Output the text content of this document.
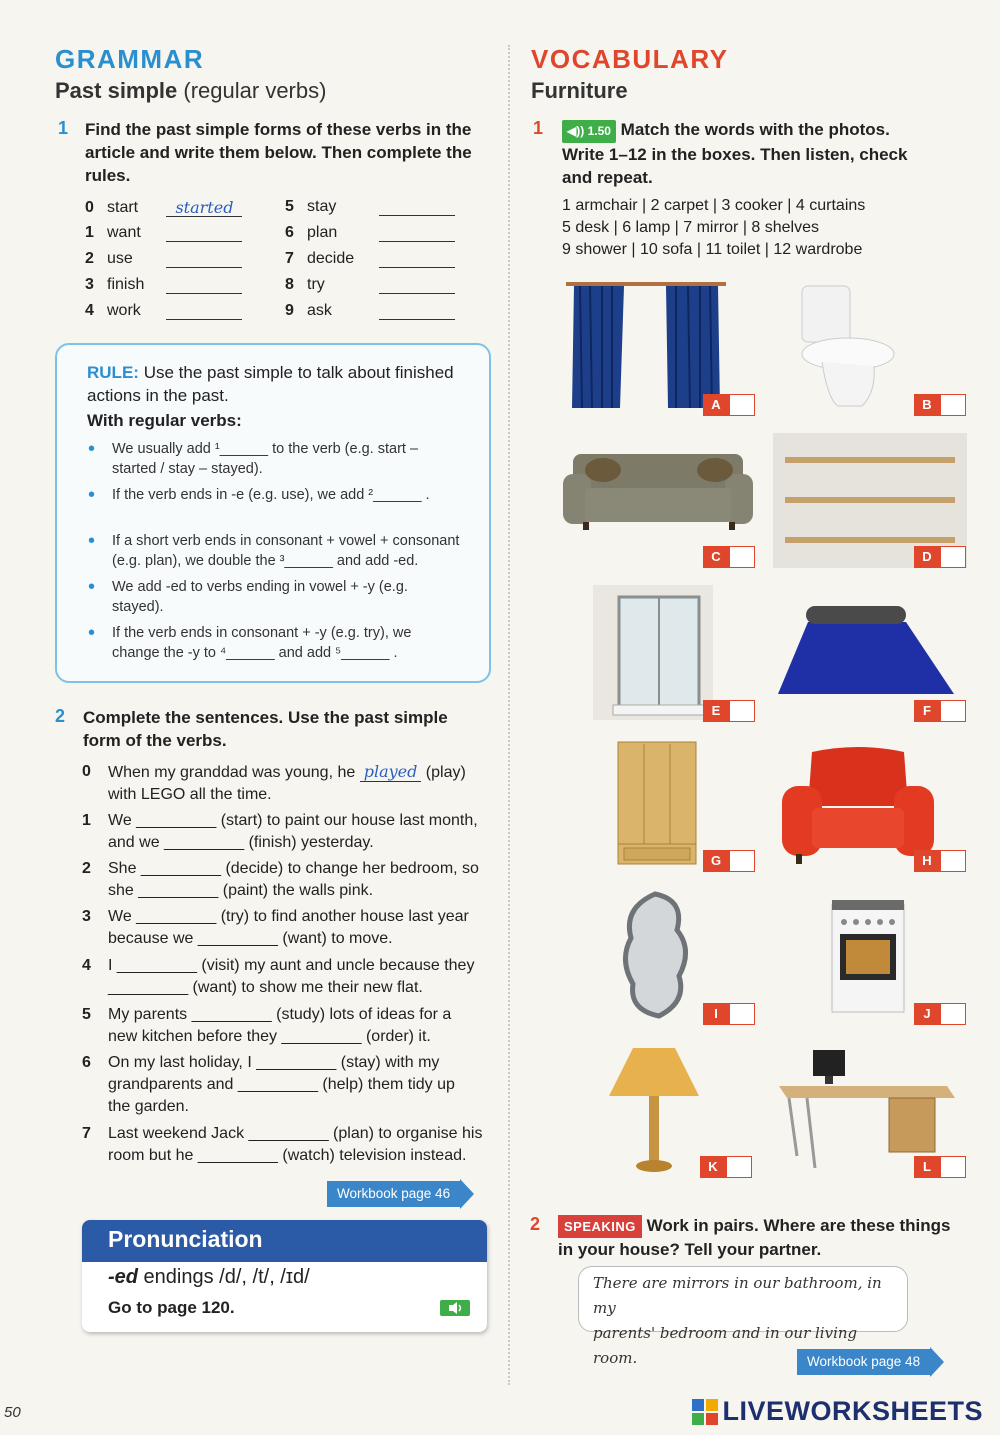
GRAMMAR
Past simple (regular verbs)
1 Find the past simple forms of these verbs in the article and write them below. Then complete the rules.
0 start started
1 want
2 use
3 finish
4 work
5 stay
6 plan
7 decide
8 try
9 ask
RULE: Use the past simple to talk about finished actions in the past.
With regular verbs:
• We usually add ¹______ to the verb (e.g. start – started / stay – stayed).
• If the verb ends in -e (e.g. use), we add ²______ .
• If a short verb ends in consonant + vowel + consonant (e.g. plan), we double the ³______ and add -ed.
• We add -ed to verbs ending in vowel + -y (e.g. stayed).
• If the verb ends in consonant + -y (e.g. try), we change the -y to ⁴______ and add ⁵______ .
2 Complete the sentences. Use the past simple form of the verbs.
0 When my granddad was young, he played (play)
with LEGO all the time.
1 We _________ (start) to paint our house last month,
and we _________ (finish) yesterday.
2 She _________ (decide) to change her bedroom, so
she _________ (paint) the walls pink.
3 We _________ (try) to find another house last year
because we _________ (want) to move.
4 I _________ (visit) my aunt and uncle because they
_________ (want) to show me their new flat.
5 My parents _________ (study) lots of ideas for a
new kitchen before they _________ (order) it.
6 On my last holiday, I _________ (stay) with my
grandparents and _________ (help) them tidy up
the garden.
7 Last weekend Jack _________ (plan) to organise his
room but he _________ (watch) television instead.
Workbook page 46
Pronunciation
-ed endings /d/, /t/, /ɪd/
Go to page 120.
VOCABULARY
Furniture
1	◀)) 1.50 Match the words with the photos.
Write 1–12 in the boxes. Then listen, check
and repeat.
1 armchair | 2 carpet | 3 cooker | 4 curtains
5 desk | 6 lamp | 7 mirror | 8 shelves
9 shower | 10 sofa | 11 toilet | 12 wardrobe
A	B
C	D
E	F
G	H
I	J
K	L
2	SPEAKING Work in pairs. Where are these things
in your house? Tell your partner.
There are mirrors in our bathroom, in my
parents' bedroom and in our living room.	Workbook page 48
50	LIVEWORKSHEETS
